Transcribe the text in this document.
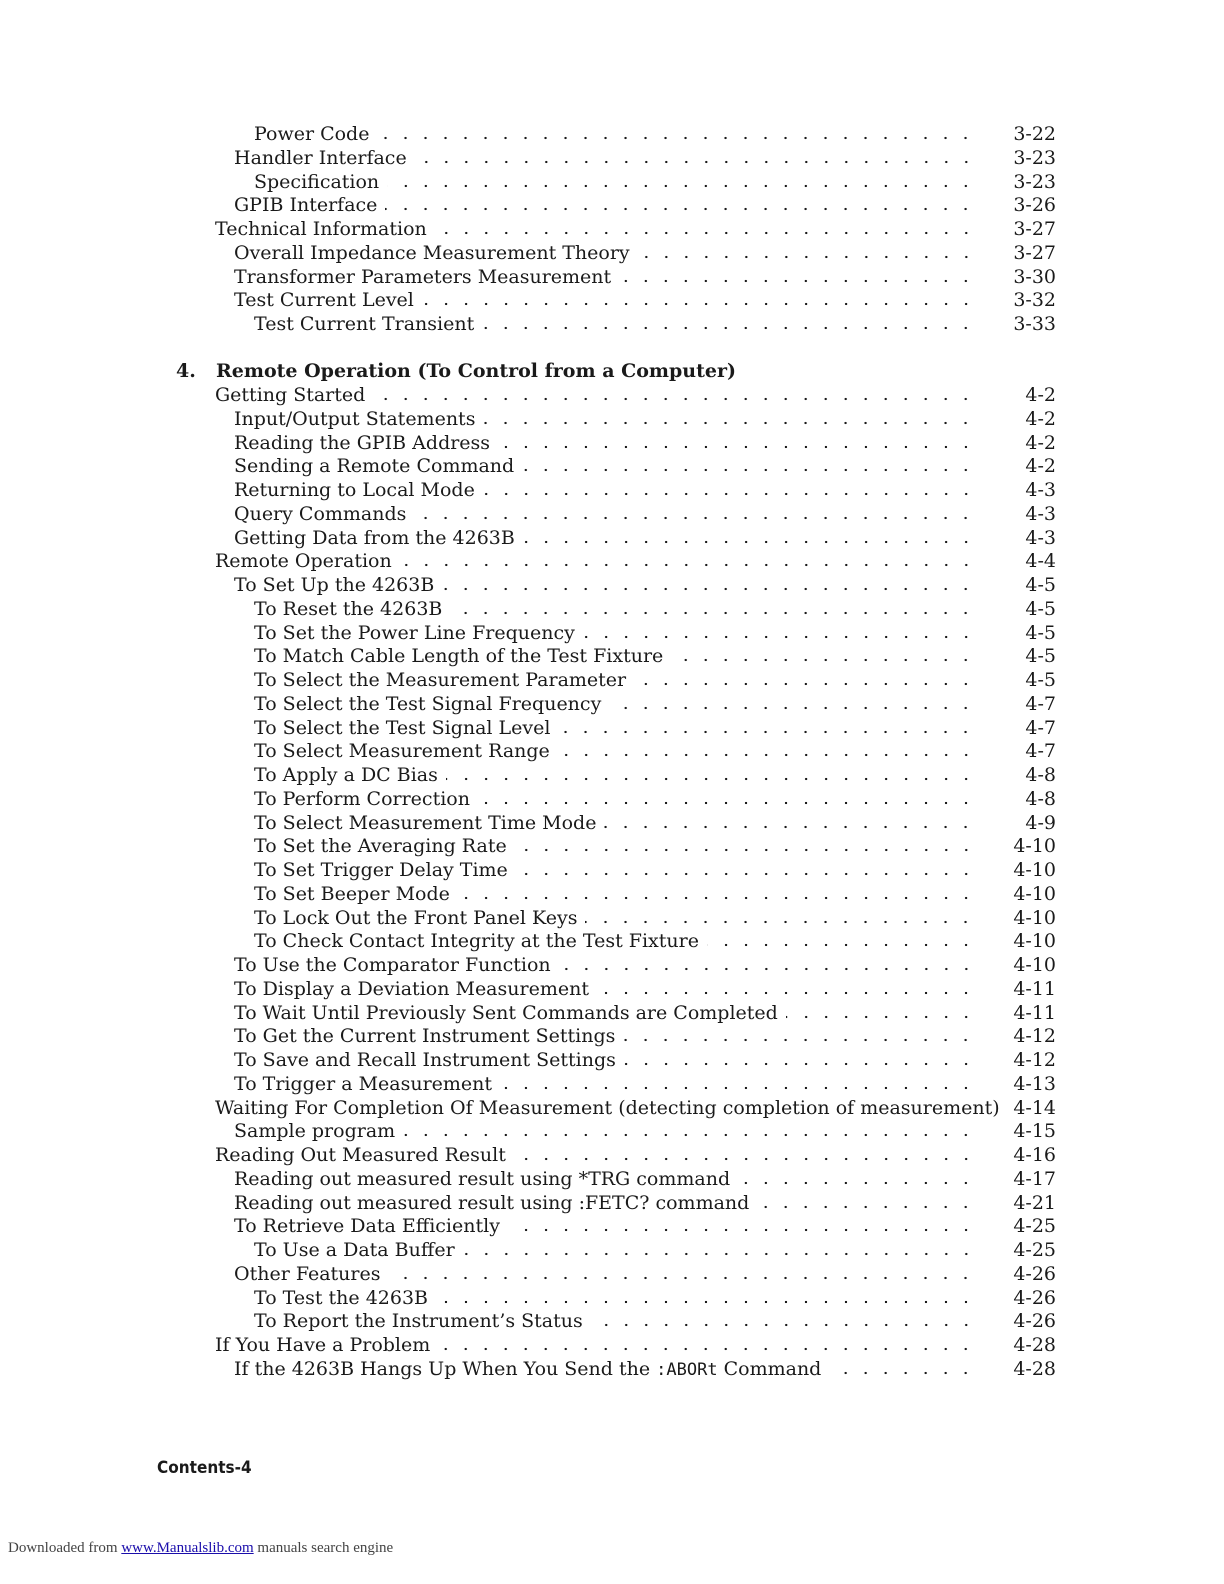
Power Code	3-22
Handler Interface	3-23
Specification	3-23
GPIB Interface	3-26
Technical Information	3-27
Overall Impedance Measurement Theory	3-27
Transformer Parameters Measurement	3-30
Test Current Level	3-32
Test Current Transient	3-33
4. Remote Operation (To Control from a Computer)
Getting Started	4-2
Input/Output Statements	4-2
Reading the GPIB Address	4-2
Sending a Remote Command	4-2
Returning to Local Mode	4-3
Query Commands	4-3
Getting Data from the 4263B	4-3
Remote Operation	4-4
To Set Up the 4263B	4-5
To Reset the 4263B	4-5
To Set the Power Line Frequency	4-5
To Match Cable Length of the Test Fixture	4-5
To Select the Measurement Parameter	4-5
To Select the Test Signal Frequency	4-7
To Select the Test Signal Level	4-7
To Select Measurement Range	4-7
To Apply a DC Bias	4-8
To Perform Correction	4-8
To Select Measurement Time Mode	4-9
To Set the Averaging Rate	4-10
To Set Trigger Delay Time	4-10
To Set Beeper Mode	4-10
To Lock Out the Front Panel Keys	4-10
To Check Contact Integrity at the Test Fixture	4-10
To Use the Comparator Function	4-10
To Display a Deviation Measurement	4-11
To Wait Until Previously Sent Commands are Completed	4-11
To Get the Current Instrument Settings	4-12
To Save and Recall Instrument Settings	4-12
To Trigger a Measurement	4-13
Waiting For Completion Of Measurement (detecting completion of measurement) 4-14
Sample program	4-15
Reading Out Measured Result	4-16
Reading out measured result using *TRG command	4-17
Reading out measured result using :FETC? command	4-21
To Retrieve Data Efficiently	4-25
To Use a Data Buffer	4-25
Other Features	4-26
To Test the 4263B	4-26
To Report the Instrument’s Status	4-26
If You Have a Problem	4-28
If the 4263B Hangs Up When You Send the :ABORt Command	4-28
Contents-4
Downloaded from www.Manualslib.com manuals search engine
